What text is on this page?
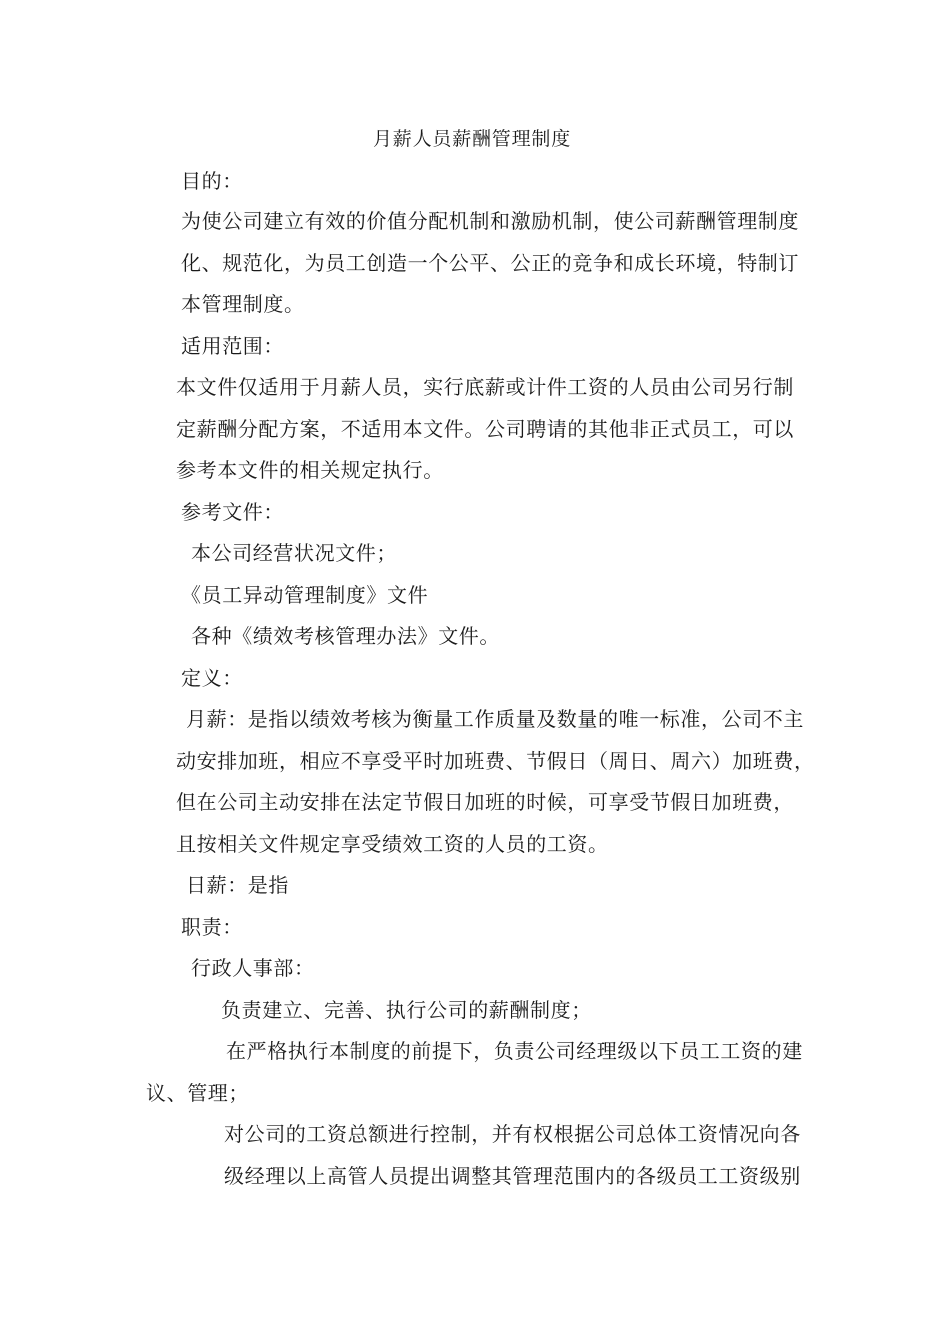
月薪人员薪酬管理制度

目的：

为使公司建立有效的价值分配机制和激励机制，使公司薪酬管理制度

化、规范化，为员工创造一个公平、公正的竞争和成长环境，特制订

本管理制度。

适用范围：

本文件仅适用于月薪人员，实行底薪或计件工资的人员由公司另行制

定薪酬分配方案，不适用本文件。公司聘请的其他非正式员工，可以

参考本文件的相关规定执行。

参考文件：

本公司经营状况文件；

《员工异动管理制度》文件

各种《绩效考核管理办法》文件。

定义：

月薪：是指以绩效考核为衡量工作质量及数量的唯一标准，公司不主

动安排加班，相应不享受平时加班费、节假日（周日、周六）加班费，

但在公司主动安排在法定节假日加班的时候，可享受节假日加班费，

且按相关文件规定享受绩效工资的人员的工资。

日薪：是指

职责：

行政人事部：

负责建立、完善、执行公司的薪酬制度；

在严格执行本制度的前提下，负责公司经理级以下员工工资的建

议、管理；

对公司的工资总额进行控制，并有权根据公司总体工资情况向各

级经理以上高管人员提出调整其管理范围内的各级员工工资级别
